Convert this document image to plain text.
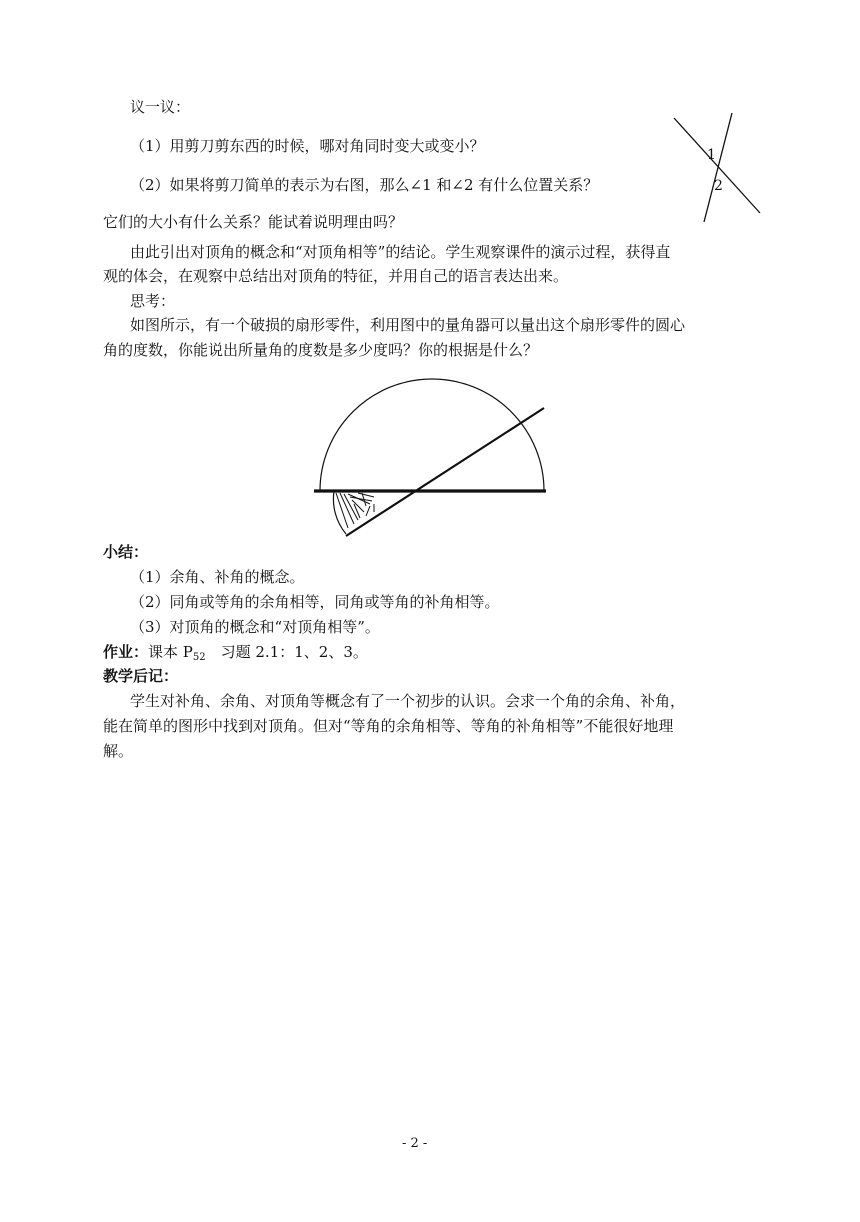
议一议：
（1）用剪刀剪东西的时候，哪对角同时变大或变小？
（2）如果将剪刀简单的表示为右图，那么∠1 和∠2 有什么位置关系？
它们的大小有什么关系？能试着说明理由吗？
1
2
由此引出对顶角的概念和“对顶角相等”的结论。学生观察课件的演示过程，获得直
观的体会，在观察中总结出对顶角的特征，并用自己的语言表达出来。
思考：
如图所示，有一个破损的扇形零件，利用图中的量角器可以量出这个扇形零件的圆心
角的度数，你能说出所量角的度数是多少度吗？你的根据是什么？
小结：
（1）余角、补角的概念。
（2）同角或等角的余角相等，同角或等角的补角相等。
（3）对顶角的概念和“对顶角相等”。
作业：课本 $P_{52}$　习题 2.1：1、2、3。
教学后记：
学生对补角、余角、对顶角等概念有了一个初步的认识。会求一个角的余角、补角，
能在简单的图形中找到对顶角。但对“等角的余角相等、等角的补角相等”不能很好地理
解。
- 2 -
